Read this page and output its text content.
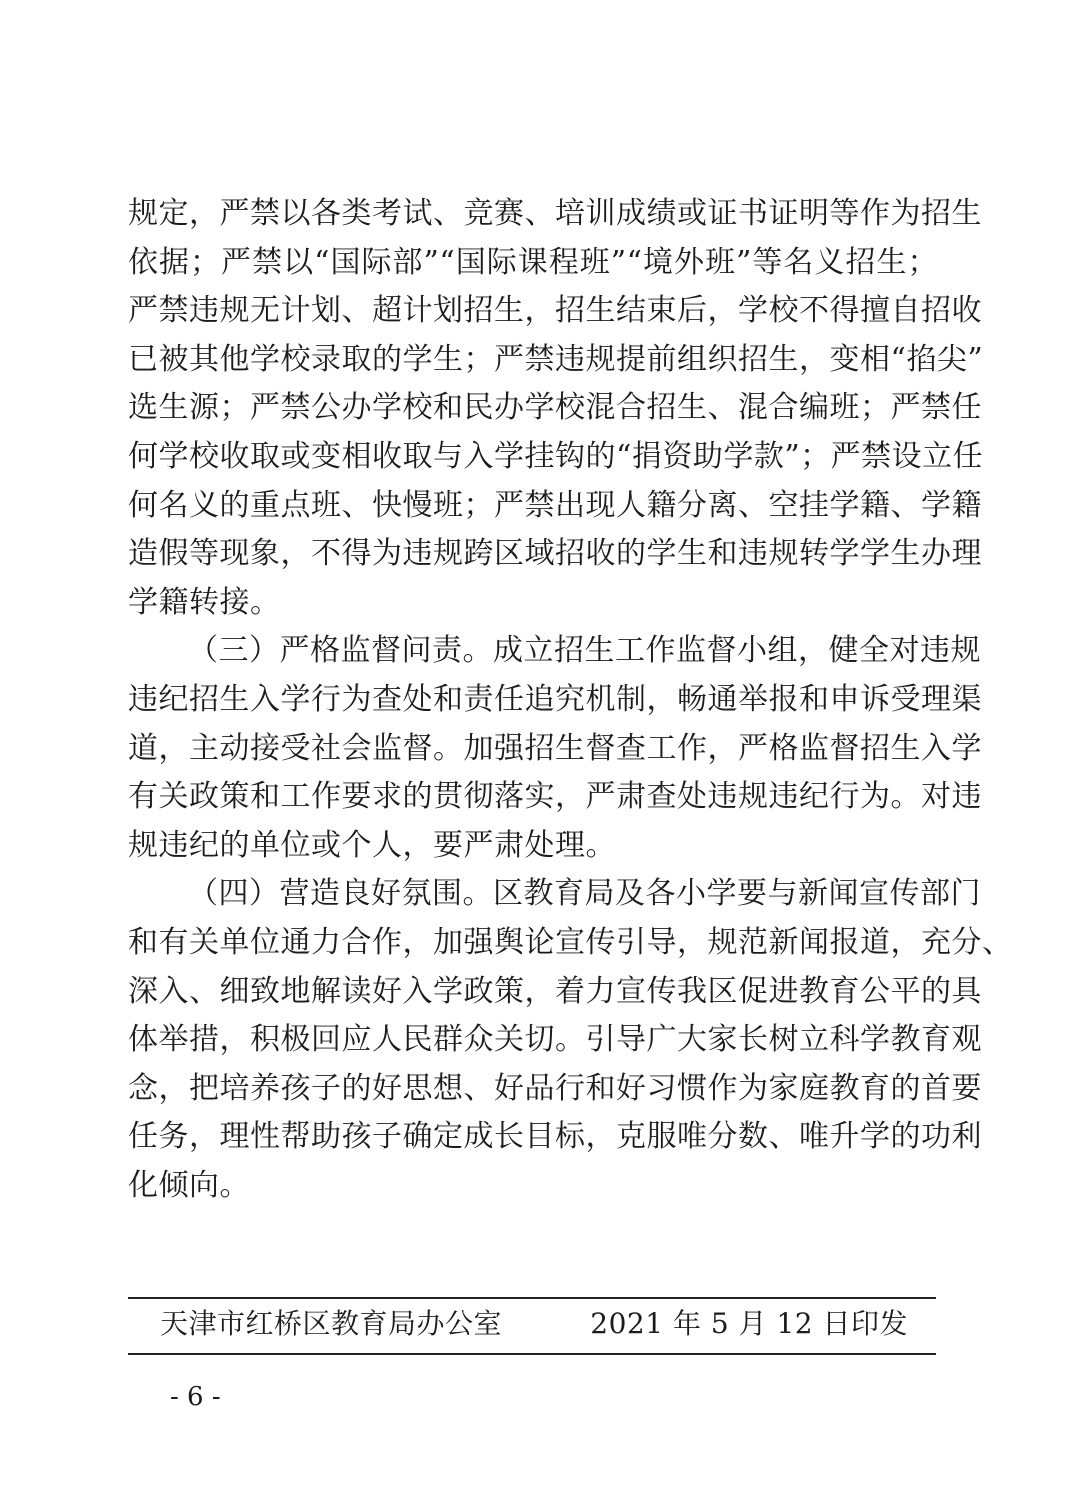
规定，严禁以各类考试、竞赛、培训成绩或证书证明等作为招生
依据；严禁以“国际部”“国际课程班”“境外班”等名义招生；
严禁违规无计划、超计划招生，招生结束后，学校不得擅自招收
已被其他学校录取的学生；严禁违规提前组织招生，变相“掐尖”
选生源；严禁公办学校和民办学校混合招生、混合编班；严禁任
何学校收取或变相收取与入学挂钩的“捐资助学款”；严禁设立任
何名义的重点班、快慢班；严禁出现人籍分离、空挂学籍、学籍
造假等现象，不得为违规跨区域招收的学生和违规转学学生办理
学籍转接。
（三）严格监督问责。成立招生工作监督小组，健全对违规
违纪招生入学行为查处和责任追究机制，畅通举报和申诉受理渠
道，主动接受社会监督。加强招生督查工作，严格监督招生入学
有关政策和工作要求的贯彻落实，严肃查处违规违纪行为。对违
规违纪的单位或个人，要严肃处理。
（四）营造良好氛围。区教育局及各小学要与新闻宣传部门
和有关单位通力合作，加强舆论宣传引导，规范新闻报道，充分、
深入、细致地解读好入学政策，着力宣传我区促进教育公平的具
体举措，积极回应人民群众关切。引导广大家长树立科学教育观
念，把培养孩子的好思想、好品行和好习惯作为家庭教育的首要
任务，理性帮助孩子确定成长目标，克服唯分数、唯升学的功利
化倾向。
天津市红桥区教育局办公室	2021 年 5 月 12 日印发
- 6 -
